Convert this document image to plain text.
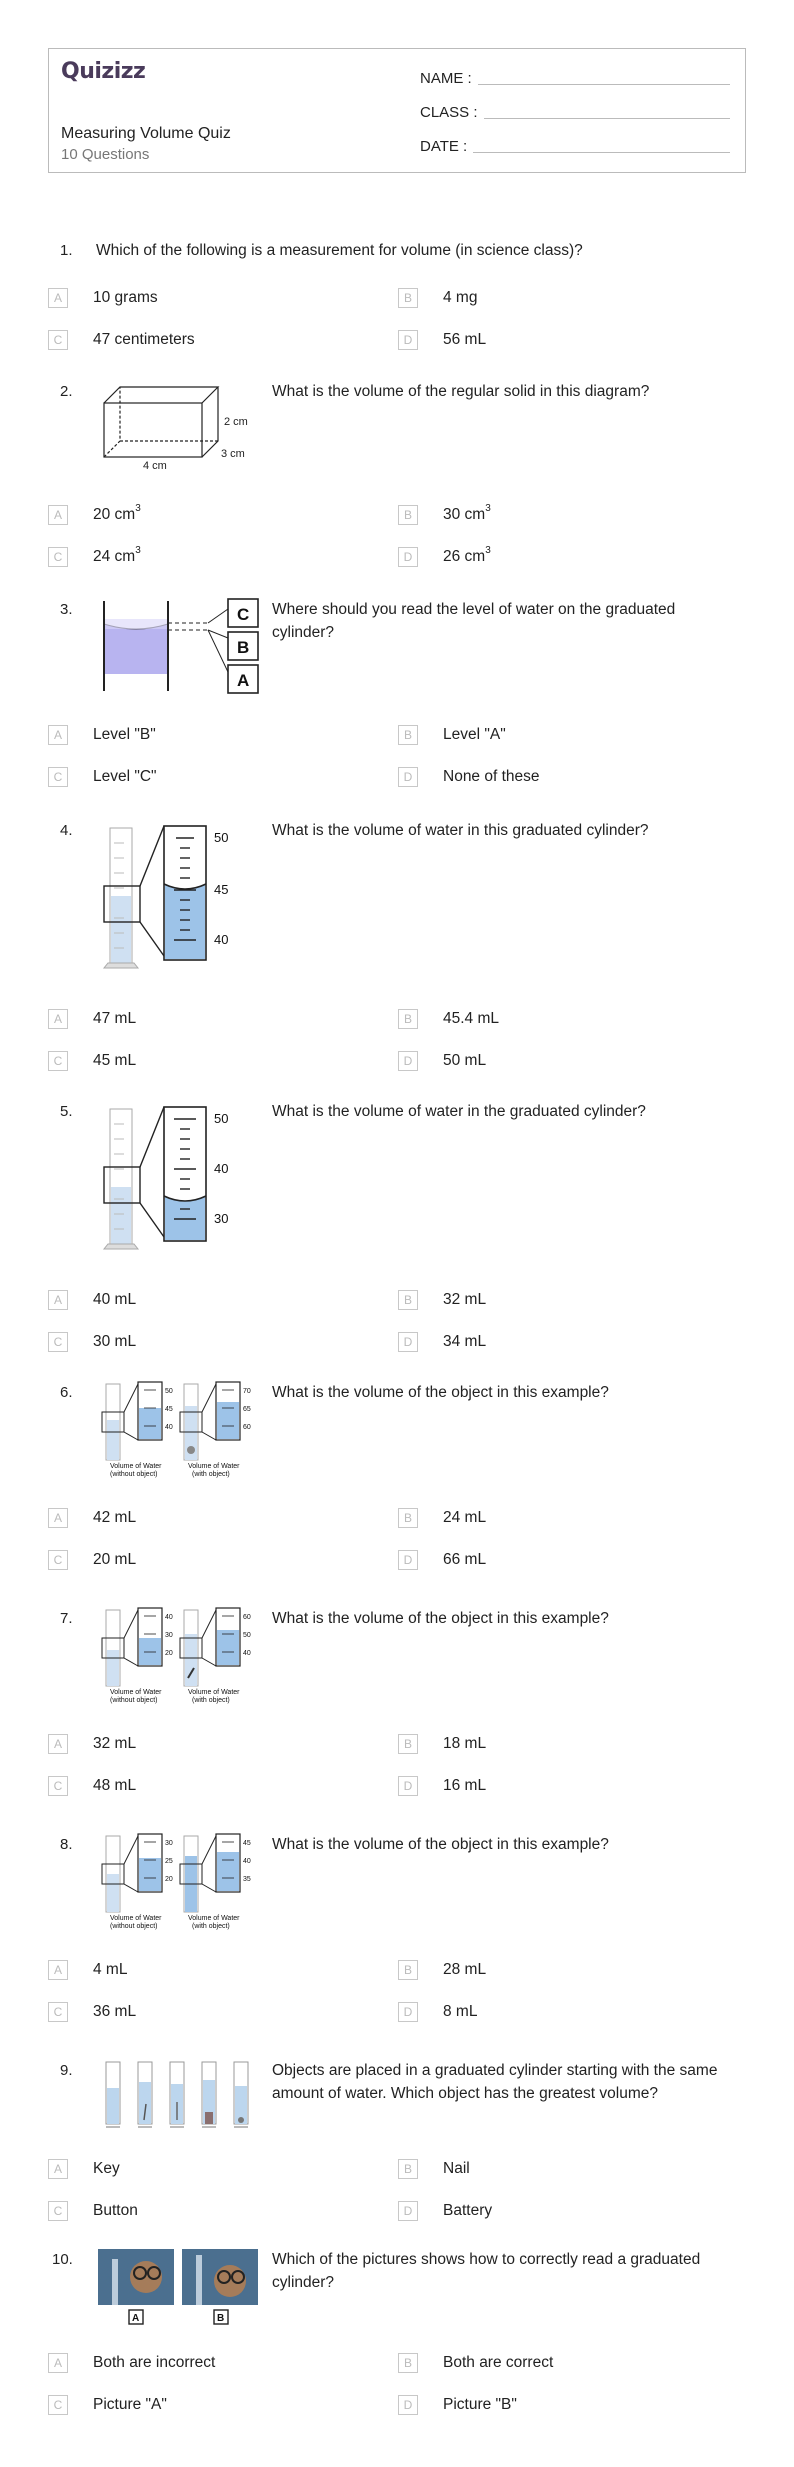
Quizizz
Measuring Volume Quiz
10 Questions
NAME :
CLASS :
DATE :
1. Which of the following is a measurement for volume (in science class)?
A	10 grams	B	4 mg
C	47 centimeters	D	56 mL
2.
2 cm
3 cm
4 cm
What is the volume of the regular solid in this diagram?
A	20 $cm^3$	B	30 $cm^3$
C	24 $cm^3$	D	26 $cm^3$
3.	C
B
A
Where should you read the level of water on the graduated cylinder?
A	Level "B"	B	Level "A"
C	Level "C"	D	None of these
4.	50
45
40
What is the volume of water in this graduated cylinder?
A	47 mL	B	45.4 mL
C	45 mL	D	50 mL
5.	50
40
30
What is the volume of water in the graduated cylinder?
A	40 mL	B	32 mL
C	30 mL	D	34 mL
6.	50
45
40
70
65
60
Volume of Water
(without object)
Volume of Water
(with object)
What is the volume of the object in this example?
A	42 mL	B	24 mL
C	20 mL	D	66 mL
7.	40
30
20
60
50
40
Volume of Water
(without object)
Volume of Water
(with object)
What is the volume of the object in this example?
A	32 mL	B	18 mL
C	48 mL	D	16 mL
8.	30
25
20
45
40
35
Volume of Water
(without object)
Volume of Water
(with object)
What is the volume of the object in this example?
A	4 mL	B	28 mL
C	36 mL	D	8 mL
9.	Objects are placed in a graduated cylinder starting with the same amount of water. Which object has the greatest volume?
A	Key	B	Nail
C	Button	D	Battery
10.
A	B
Which of the pictures shows how to correctly read a graduated cylinder?
A	Both are incorrect	B	Both are correct
C	Picture "A"	D	Picture "B"
